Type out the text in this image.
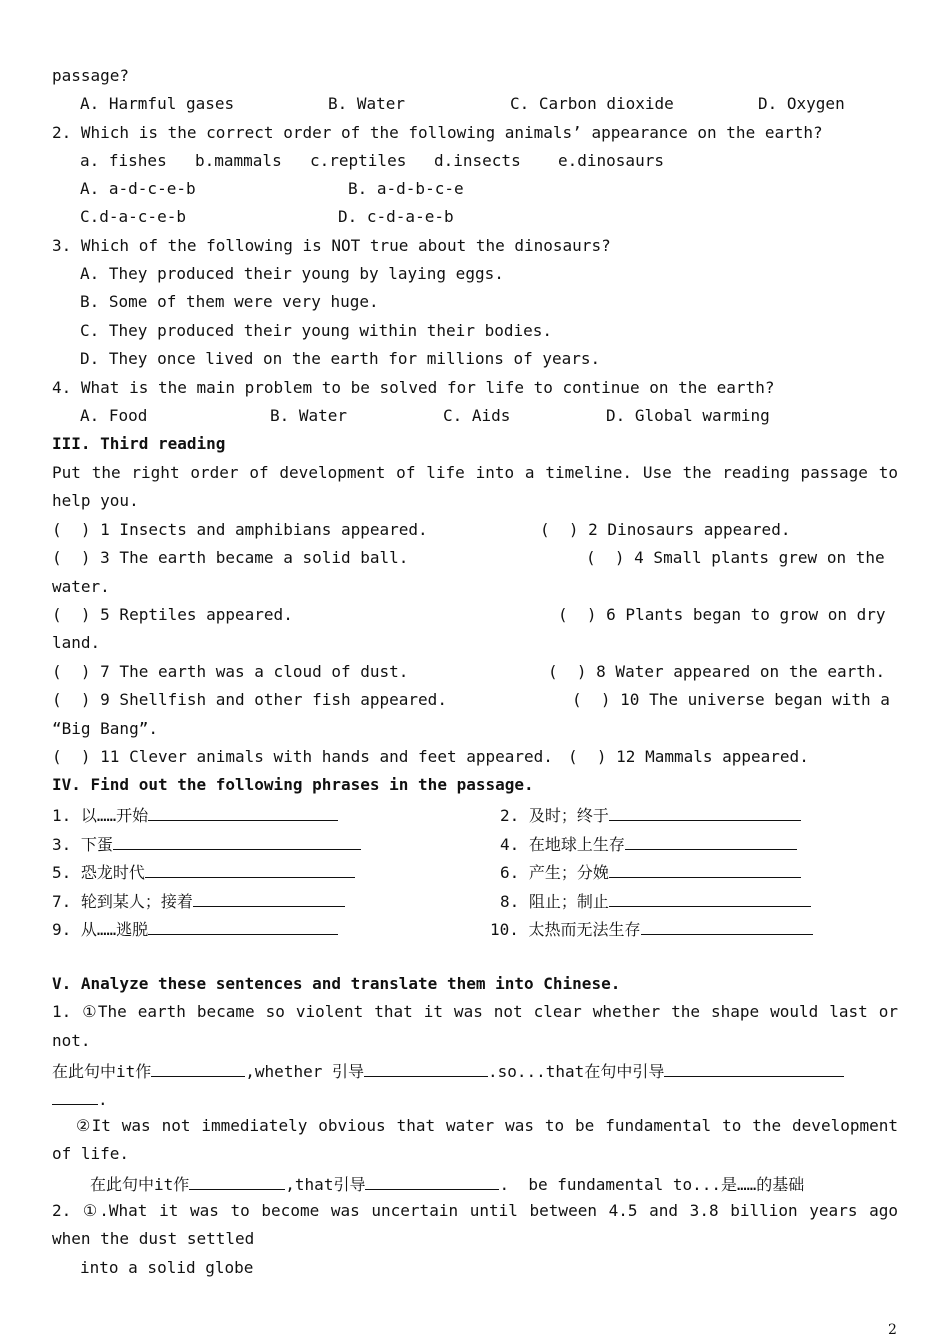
passage?
A. Harmful gases	B. Water	C. Carbon dioxide	D. Oxygen
2. Which is the correct order of the following animals’ appearance on the earth?
a. fishes b.mammals c.reptiles d.insects e.dinosaurs
A. a-d-c-e-b	B. a-d-b-c-e
C.d-a-c-e-b	D. c-d-a-e-b
3. Which of the following is NOT true about the dinosaurs?
A. They produced their young by laying eggs.
B. Some of them were very huge.
C. They produced their young within their bodies.
D. They once lived on the earth for millions of years.
4. What is the main problem to be solved for life to continue on the earth?
A. Food	B. Water	C. Aids	D. Global warming
III. Third reading
Put the right order of development of life into a timeline. Use the reading passage to
help you.
(  ) 1 Insects and amphibians appeared.	(  ) 2 Dinosaurs appeared.
(  ) 3 The earth became a solid ball.	(  ) 4 Small plants grew on the
water.
(  ) 5 Reptiles appeared.	(  ) 6 Plants began to grow on dry
land.
(  ) 7 The earth was a cloud of dust.	(  ) 8 Water appeared on the earth.
(  ) 9 Shellfish and other fish appeared.	(  ) 10 The universe began with a
“Big Bang”.
(  ) 11 Clever animals with hands and feet appeared. (  ) 12 Mammals appeared.
IV. Find out the following phrases in the passage.
1. 以……开始	2. 及时；终于
3. 下蛋	4. 在地球上生存
5. 恐龙时代	6. 产生；分娩
7. 轮到某人；接着	8. 阻止；制止
9. 从……逃脱	10. 太热而无法生存
V. Analyze these sentences and translate them into Chinese.
1. ①The earth became so violent that it was not clear whether the shape would last or
not.
在此句中it作	,whether 引导	.so...that在句中引导
.
②It was not immediately obvious that water was to be fundamental to the development
of life.
在此句中it作	,that引导	.  be fundamental to...是……的基础
2. ①.What it was to become was uncertain until between 4.5 and 3.8 billion years ago
when the dust settled
into a solid globe
2
